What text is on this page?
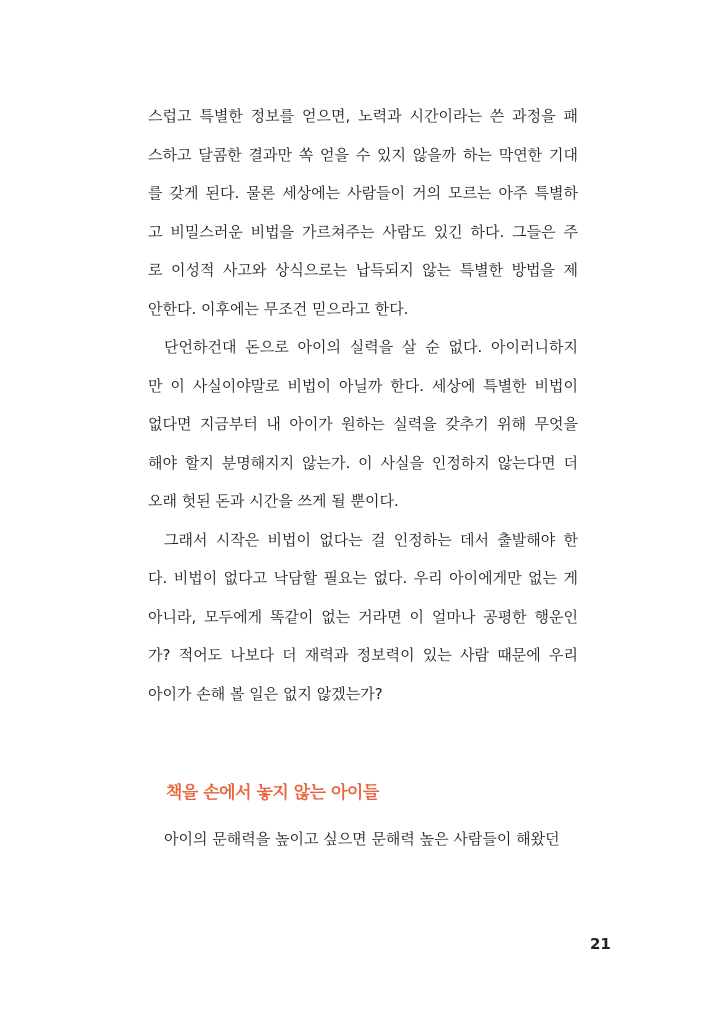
스럽고 특별한 정보를 얻으면, 노력과 시간이라는 쓴 과정을 패
스하고 달콤한 결과만 쏙 얻을 수 있지 않을까 하는 막연한 기대
를 갖게 된다. 물론 세상에는 사람들이 거의 모르는 아주 특별하
고 비밀스러운 비법을 가르쳐주는 사람도 있긴 하다. 그들은 주
로 이성적 사고와 상식으로는 납득되지 않는 특별한 방법을 제
안한다. 이후에는 무조건 믿으라고 한다.
단언하건대 돈으로 아이의 실력을 살 순 없다. 아이러니하지
만 이 사실이야말로 비법이 아닐까 한다. 세상에 특별한 비법이
없다면 지금부터 내 아이가 원하는 실력을 갖추기 위해 무엇을
해야 할지 분명해지지 않는가. 이 사실을 인정하지 않는다면 더
오래 헛된 돈과 시간을 쓰게 될 뿐이다.
그래서 시작은 비법이 없다는 걸 인정하는 데서 출발해야 한
다. 비법이 없다고 낙담할 필요는 없다. 우리 아이에게만 없는 게
아니라, 모두에게 똑같이 없는 거라면 이 얼마나 공평한 행운인
가? 적어도 나보다 더 재력과 정보력이 있는 사람 때문에 우리
아이가 손해 볼 일은 없지 않겠는가?
책을 손에서 놓지 않는 아이들
아이의 문해력을 높이고 싶으면 문해력 높은 사람들이 해왔던
21
